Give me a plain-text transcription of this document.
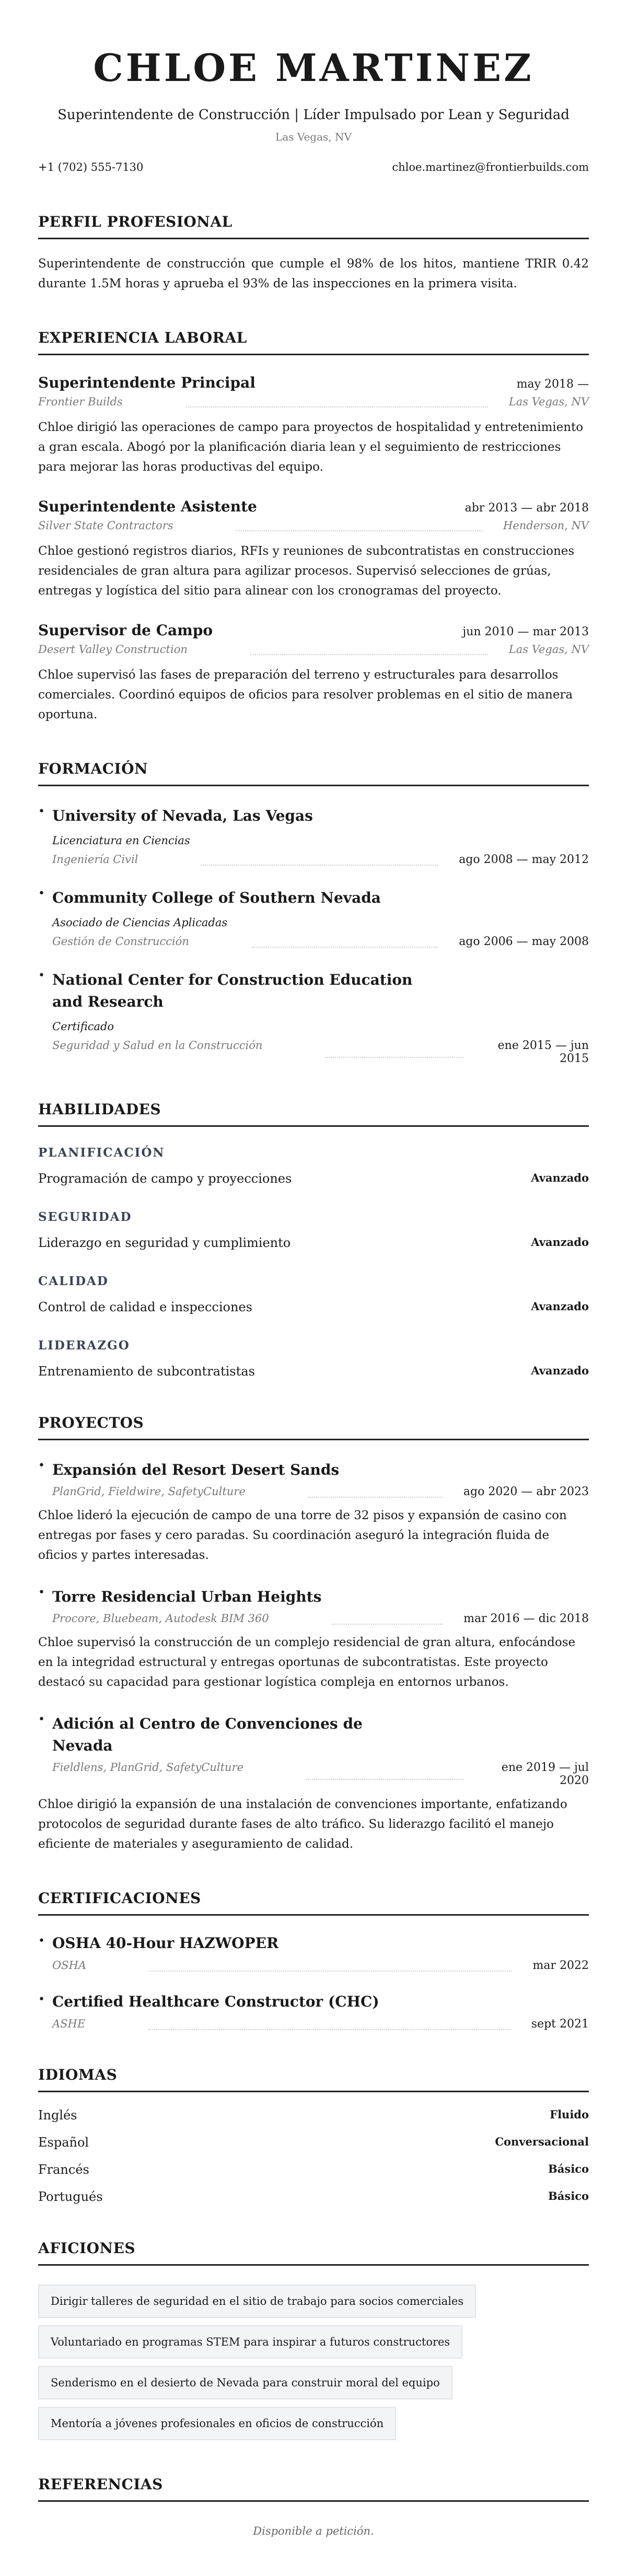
CHLOE MARTINEZ
Superintendente de Construcción | Líder Impulsado por Lean y Seguridad
Las Vegas, NV
+1 (702) 555-7130	chloe.martinez@frontierbuilds.com
PERFIL PROFESIONAL

Superintendente de construcción que cumple el 98% de los hitos, mantiene TRIR 0.42 durante 1.5M horas y aprueba el 93% de las inspecciones en la primera visita.

EXPERIENCIA LABORAL
Superintendente Principal	may 2018 —
Frontier Builds	Las Vegas, NV

Chloe dirigió las operaciones de campo para proyectos de hospitalidad y entretenimiento a gran escala. Abogó por la planificación diaria lean y el seguimiento de restricciones para mejorar las horas productivas del equipo.

Superintendente Asistente	abr 2013 — abr 2018
Silver State Contractors	Henderson, NV

Chloe gestionó registros diarios, RFIs y reuniones de subcontratistas en construcciones residenciales de gran altura para agilizar procesos. Supervisó selecciones de grúas, entregas y logística del sitio para alinear con los cronogramas del proyecto.

Supervisor de Campo	jun 2010 — mar 2013
Desert Valley Construction	Las Vegas, NV

Chloe supervisó las fases de preparación del terreno y estructurales para desarrollos comerciales. Coordinó equipos de oficios para resolver problemas en el sitio de manera oportuna.

FORMACIÓN
• University of Nevada, Las Vegas
Licenciatura en Ciencias
Ingeniería Civil	ago 2008 — may 2012
• Community College of Southern Nevada
Asociado de Ciencias Aplicadas
Gestión de Construcción	ago 2006 — may 2008
• National Center for Construction Education and Research
Certificado
Seguridad y Salud en la Construcción	ene 2015 — jun 2015
HABILIDADES
PLANIFICACIÓN
Programación de campo y proyecciones	Avanzado
SEGURIDAD
Liderazgo en seguridad y cumplimiento	Avanzado
CALIDAD
Control de calidad e inspecciones	Avanzado
LIDERAZGO
Entrenamiento de subcontratistas	Avanzado
PROYECTOS
• Expansión del Resort Desert Sands
PlanGrid, Fieldwire, SafetyCulture	ago 2020 — abr 2023

Chloe lideró la ejecución de campo de una torre de 32 pisos y expansión de casino con entregas por fases y cero paradas. Su coordinación aseguró la integración fluida de oficios y partes interesadas.

• Torre Residencial Urban Heights
Procore, Bluebeam, Autodesk BIM 360	mar 2016 — dic 2018

Chloe supervisó la construcción de un complejo residencial de gran altura, enfocándose en la integridad estructural y entregas oportunas de subcontratistas. Este proyecto destacó su capacidad para gestionar logística compleja en entornos urbanos.

• Adición al Centro de Convenciones de Nevada
Fieldlens, PlanGrid, SafetyCulture	ene 2019 — jul 2020

Chloe dirigió la expansión de una instalación de convenciones importante, enfatizando protocolos de seguridad durante fases de alto tráfico. Su liderazgo facilitó el manejo eficiente de materiales y aseguramiento de calidad.

CERTIFICACIONES
• OSHA 40-Hour HAZWOPER
OSHA	mar 2022
• Certified Healthcare Constructor (CHC)
ASHE	sept 2021
IDIOMAS
Inglés	Fluido
Español	Conversacional
Francés	Básico
Portugués	Básico
AFICIONES
Dirigir talleres de seguridad en el sitio de trabajo para socios comerciales
Voluntariado en programas STEM para inspirar a futuros constructores
Senderismo en el desierto de Nevada para construir moral del equipo
Mentoría a jóvenes profesionales en oficios de construcción
REFERENCIAS
Disponible a petición.
